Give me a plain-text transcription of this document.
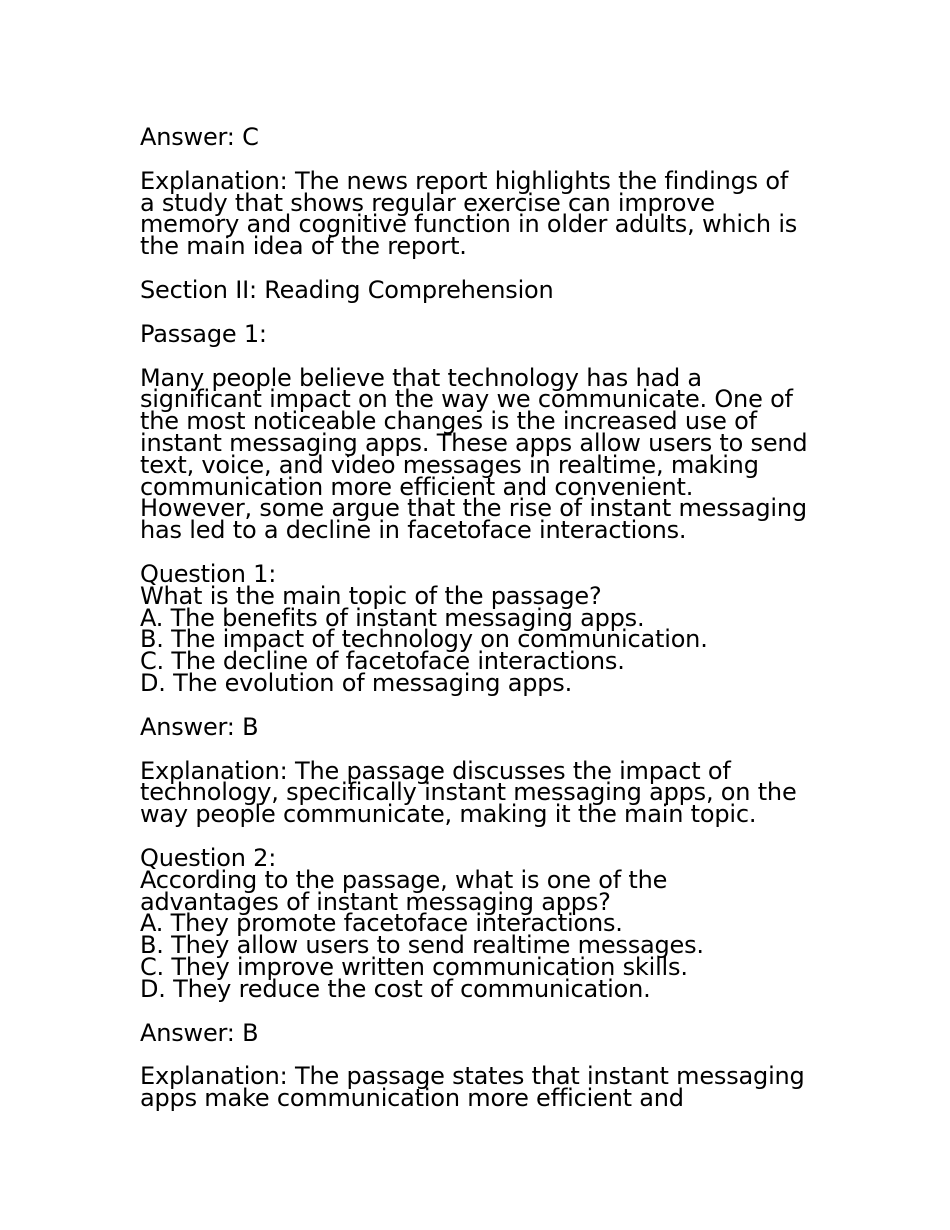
Answer: C
Explanation: The news report highlights the findings of
a study that shows regular exercise can improve
memory and cognitive function in older adults, which is
the main idea of the report.
Section II: Reading Comprehension
Passage 1:
Many people believe that technology has had a
significant impact on the way we communicate. One of
the most noticeable changes is the increased use of
instant messaging apps. These apps allow users to send
text, voice, and video messages in realtime, making
communication more efficient and convenient.
However, some argue that the rise of instant messaging
has led to a decline in facetoface interactions.
Question 1:
What is the main topic of the passage?
A. The benefits of instant messaging apps.
B. The impact of technology on communication.
C. The decline of facetoface interactions.
D. The evolution of messaging apps.
Answer: B
Explanation: The passage discusses the impact of
technology, specifically instant messaging apps, on the
way people communicate, making it the main topic.
Question 2:
According to the passage, what is one of the
advantages of instant messaging apps?
A. They promote facetoface interactions.
B. They allow users to send realtime messages.
C. They improve written communication skills.
D. They reduce the cost of communication.
Answer: B
Explanation: The passage states that instant messaging
apps make communication more efficient and
